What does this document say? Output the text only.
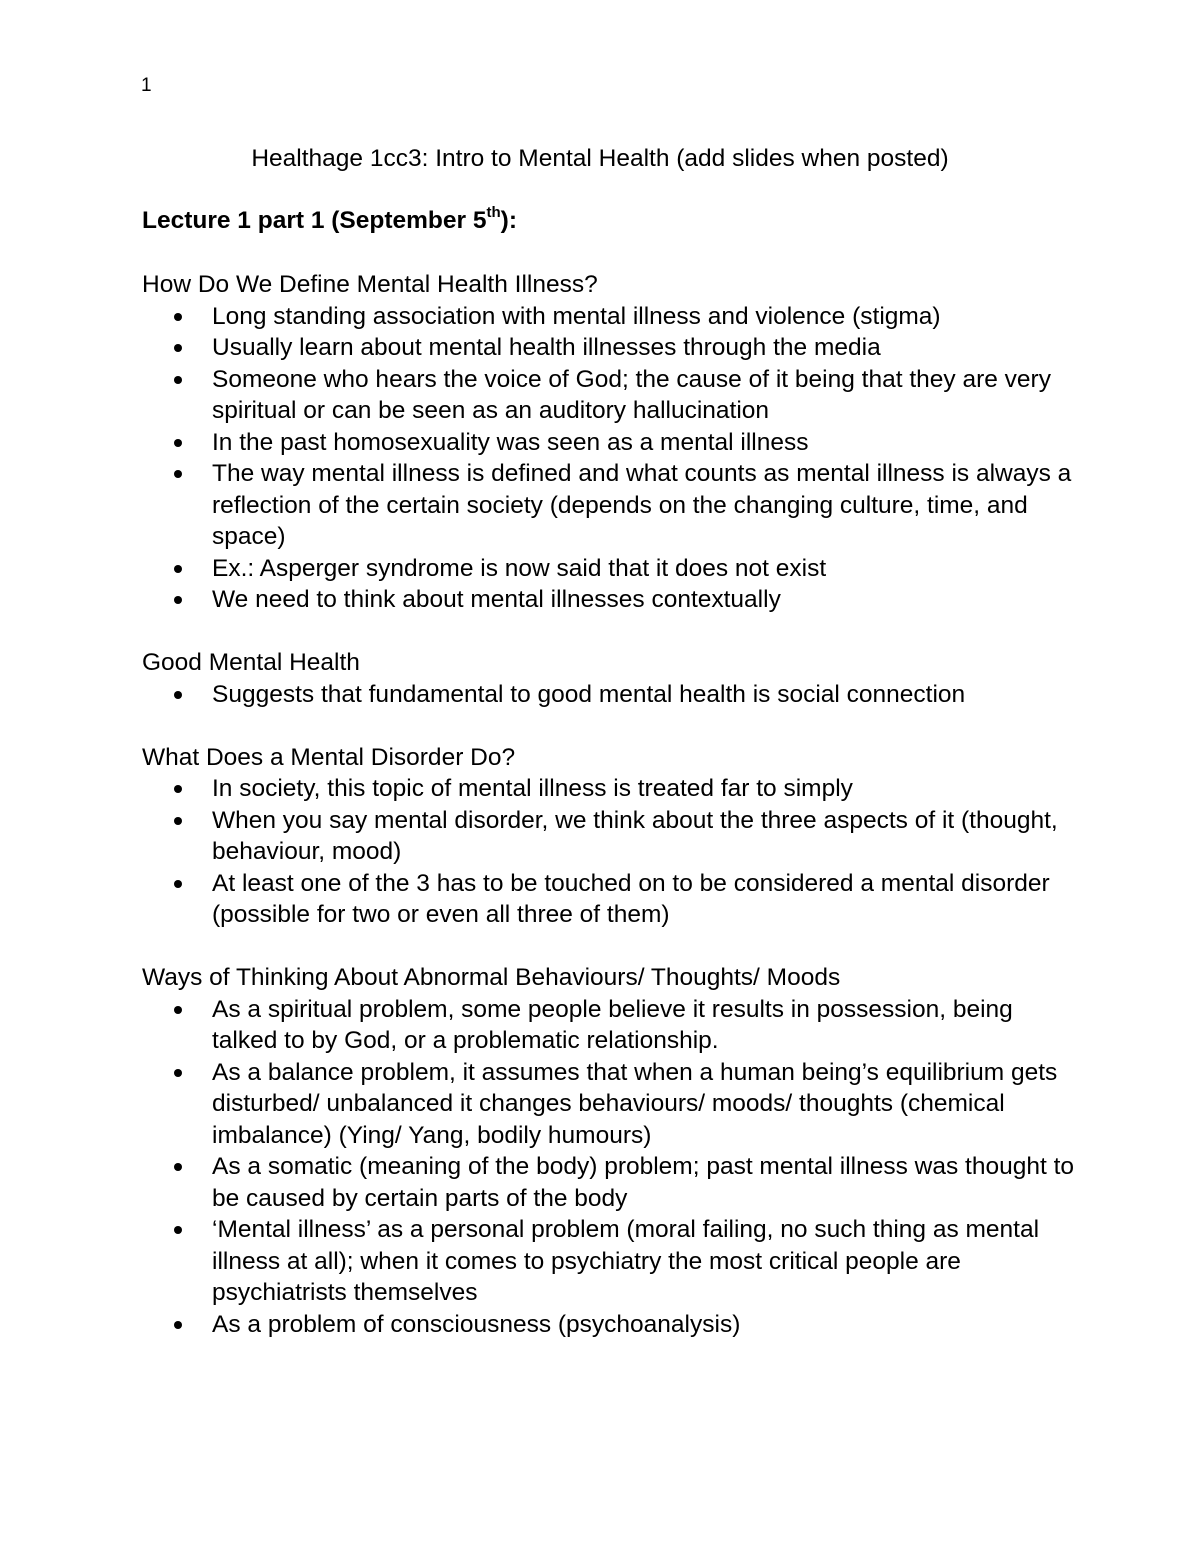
1
Healthage 1cc3: Intro to Mental Health (add slides when posted)
Lecture 1 part 1 (September 5th):
How Do We Define Mental Health Illness?
Long standing association with mental illness and violence (stigma)
Usually learn about mental health illnesses through the media
Someone who hears the voice of God; the cause of it being that they are very spiritual or can be seen as an auditory hallucination
In the past homosexuality was seen as a mental illness
The way mental illness is defined and what counts as mental illness is always a reflection of the certain society (depends on the changing culture, time, and space)
Ex.: Asperger syndrome is now said that it does not exist
We need to think about mental illnesses contextually
Good Mental Health
Suggests that fundamental to good mental health is social connection
What Does a Mental Disorder Do?
In society, this topic of mental illness is treated far to simply
When you say mental disorder, we think about the three aspects of it (thought, behaviour, mood)
At least one of the 3 has to be touched on to be considered a mental disorder (possible for two or even all three of them)
Ways of Thinking About Abnormal Behaviours/ Thoughts/ Moods
As a spiritual problem, some people believe it results in possession, being talked to by God, or a problematic relationship.
As a balance problem, it assumes that when a human being’s equilibrium gets disturbed/ unbalanced it changes behaviours/ moods/ thoughts (chemical imbalance) (Ying/ Yang, bodily humours)
As a somatic (meaning of the body) problem; past mental illness was thought to be caused by certain parts of the body
‘Mental illness’ as a personal problem (moral failing, no such thing as mental illness at all); when it comes to psychiatry the most critical people are psychiatrists themselves
As a problem of consciousness (psychoanalysis)
